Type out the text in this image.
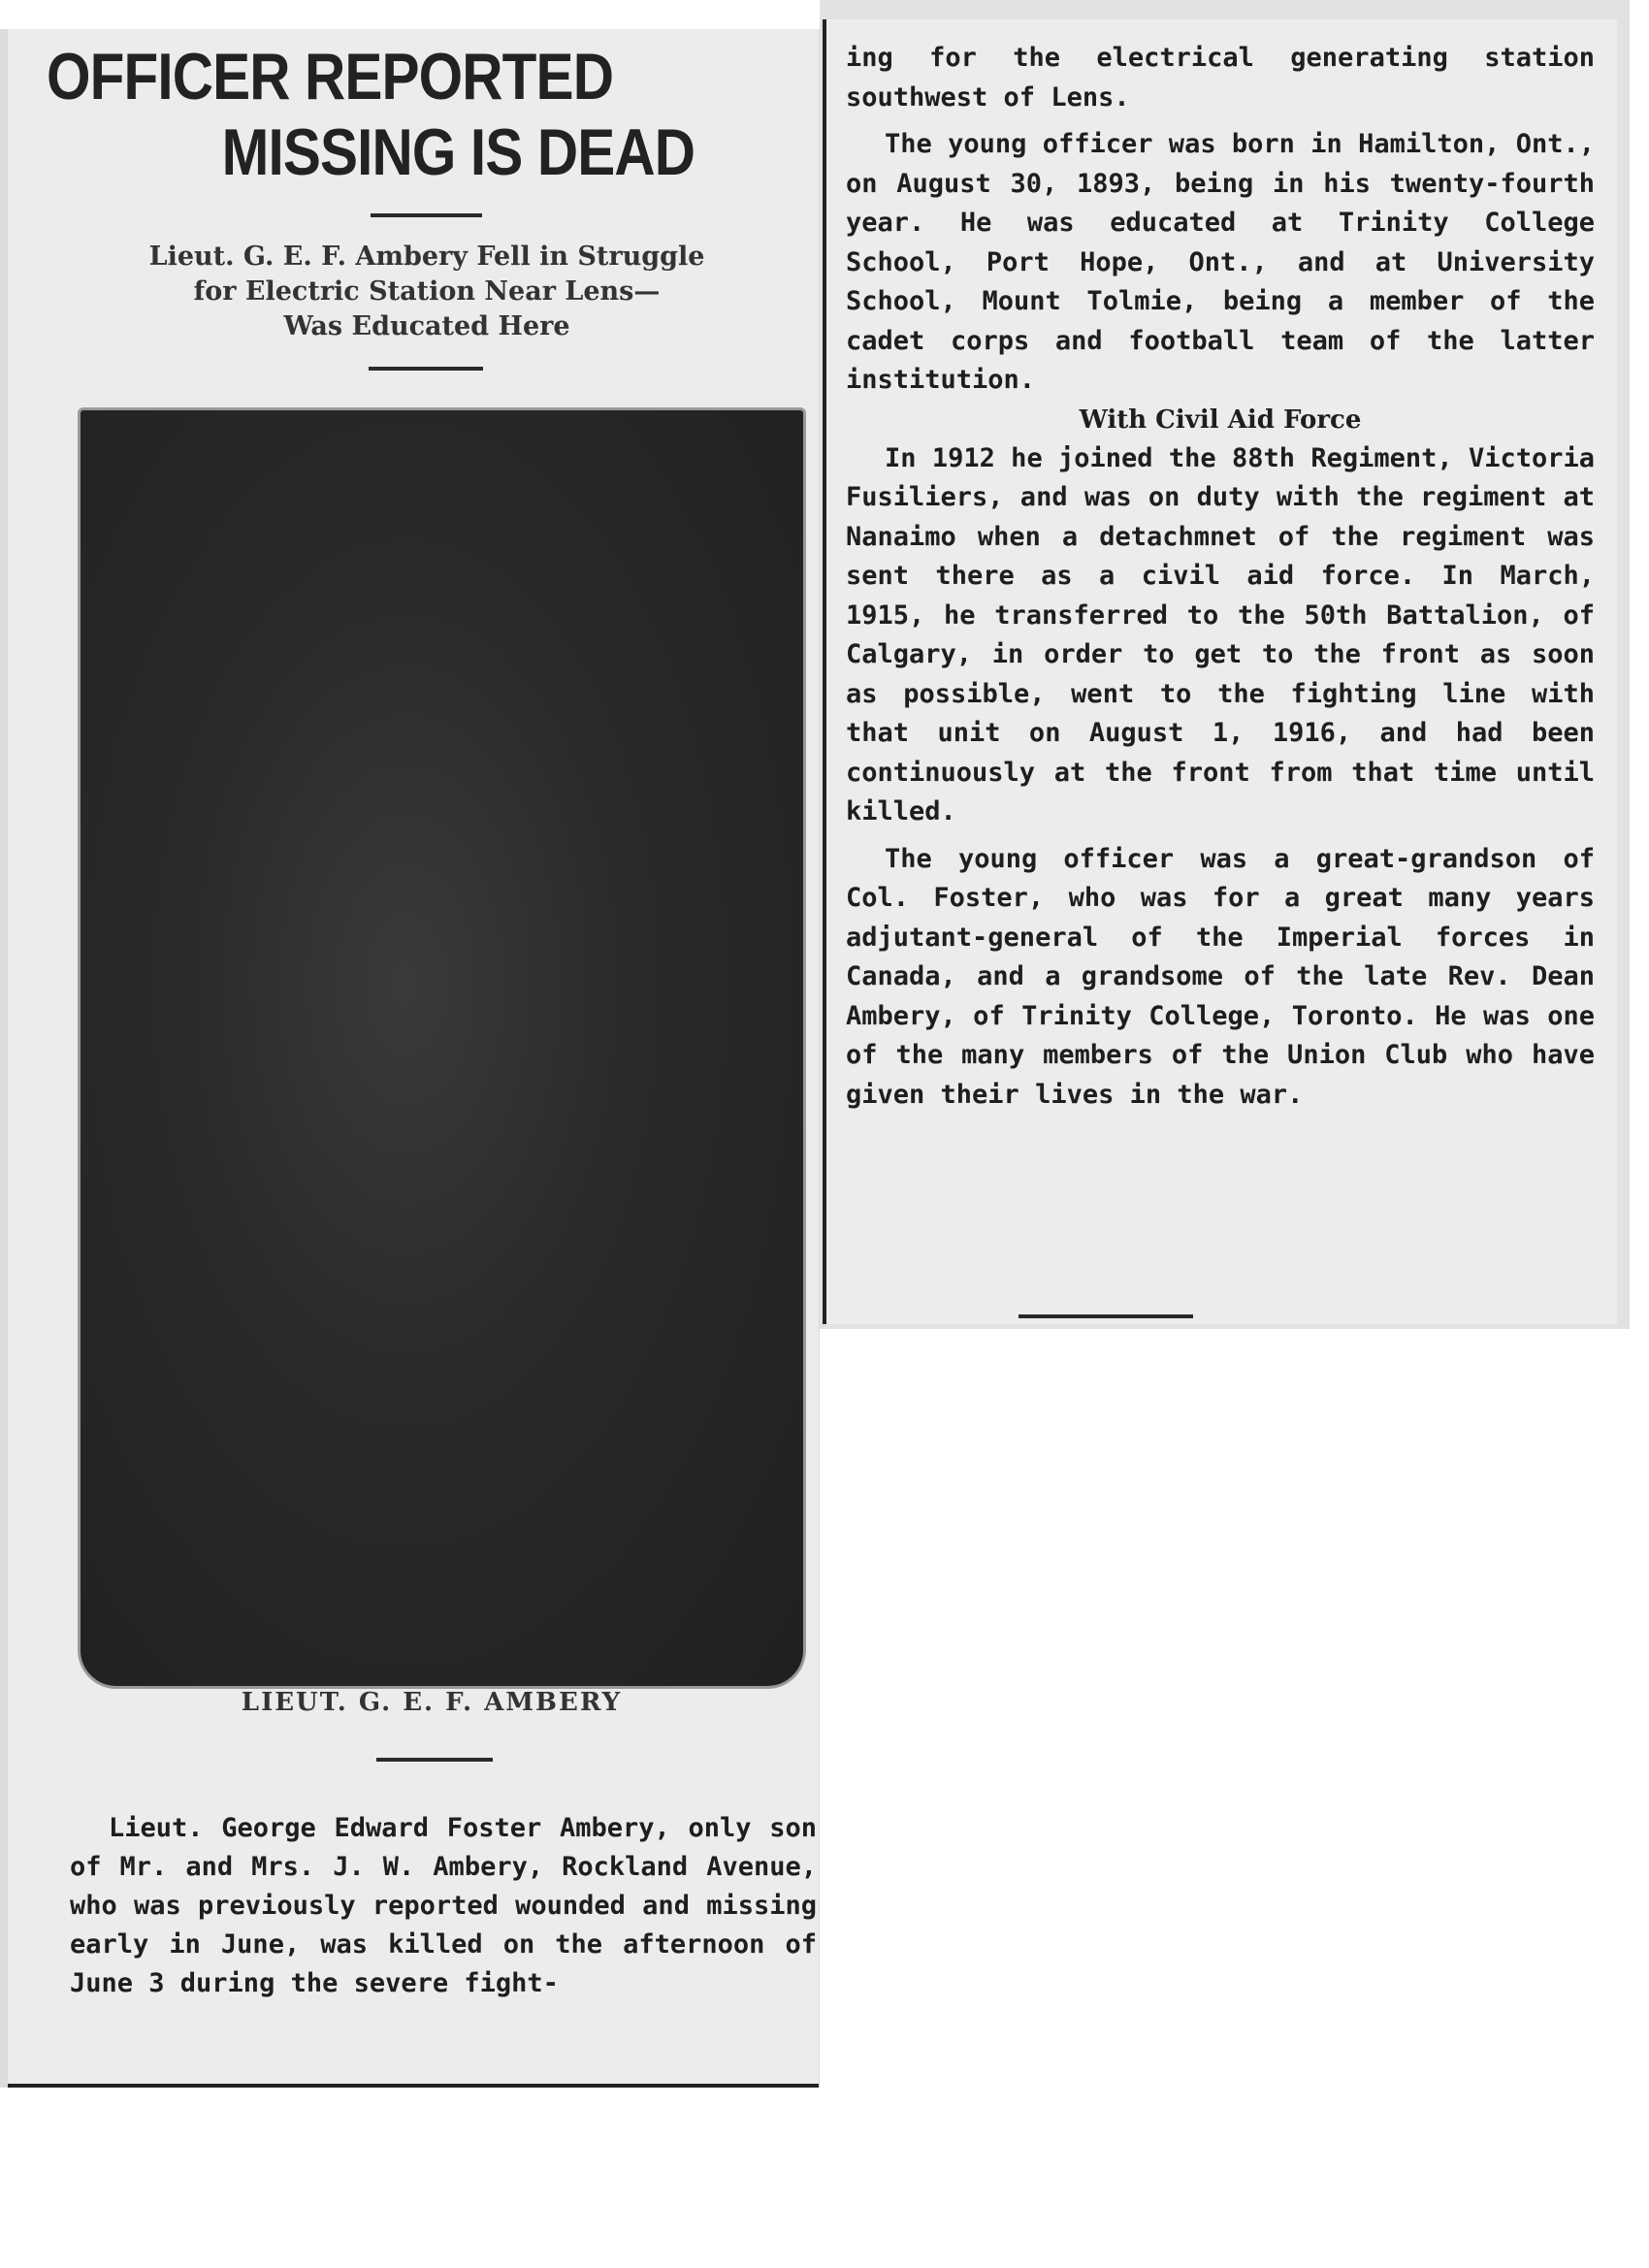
OFFICER REPORTED
MISSING IS DEAD
Lieut. G. E. F. Ambery Fell in Struggle
for Electric Station Near Lens—
Was Educated Here
LIEUT. G. E. F. AMBERY

Lieut. George Edward Foster Ambery, only son of Mr. and Mrs. J. W. Ambery, Rockland Avenue, who was previously reported wounded and missing early in June, was killed on the afternoon of June 3 during the severe fight-

ing for the electrical generating station southwest of Lens.

The young officer was born in Hamilton, Ont., on August 30, 1893, being in his twenty-fourth year. He was educated at Trinity College School, Port Hope, Ont., and at University School, Mount Tolmie, being a member of the cadet corps and football team of the latter institution.

With Civil Aid Force

In 1912 he joined the 88th Regiment, Victoria Fusiliers, and was on duty with the regiment at Nanaimo when a detachmnet of the regiment was sent there as a civil aid force. In March, 1915, he transferred to the 50th Battalion, of Calgary, in order to get to the front as soon as possible, went to the fighting line with that unit on August 1, 1916, and had been continuously at the front from that time until killed.

The young officer was a great-grandson of Col. Foster, who was for a great many years adjutant-general of the Imperial forces in Canada, and a grandsome of the late Rev. Dean Ambery, of Trinity College, Toronto. He was one of the many members of the Union Club who have given their lives in the war.
